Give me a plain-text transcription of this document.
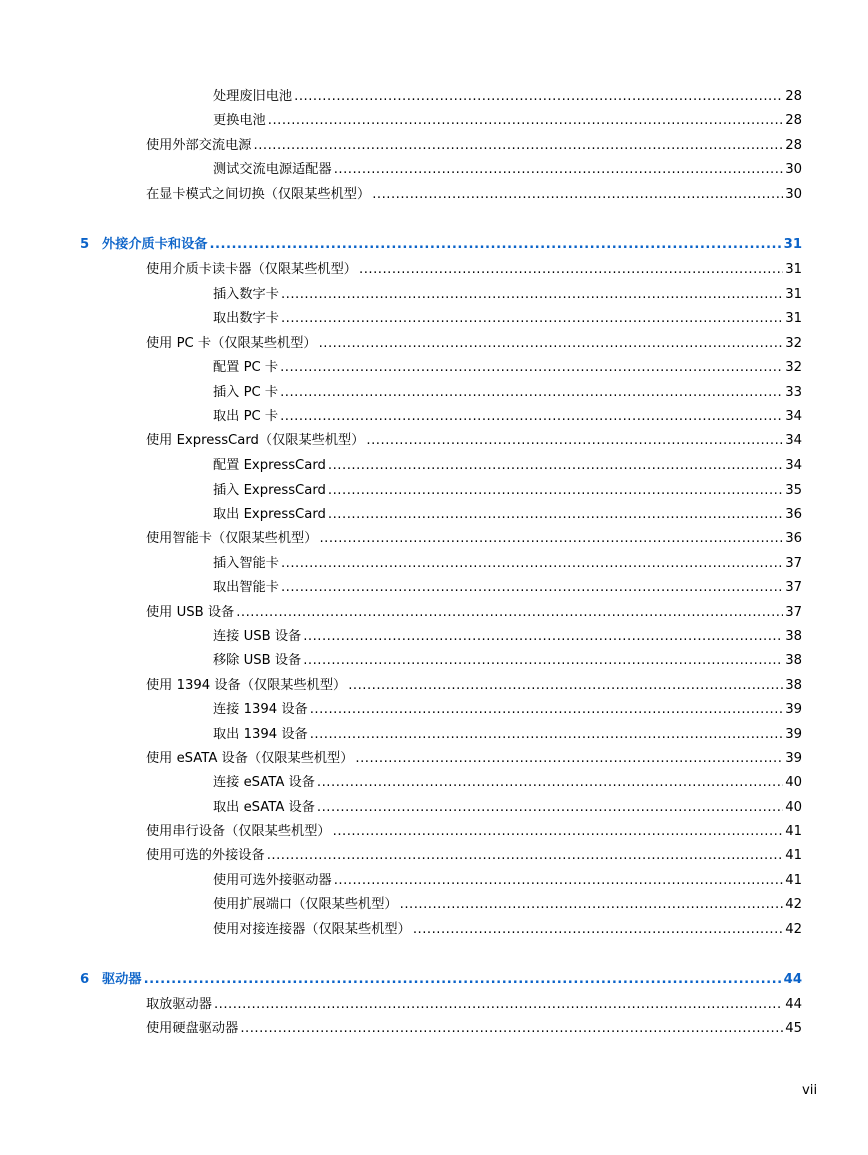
处理废旧电池 .....	28
更换电池 .....	28
使用外部交流电源 .....	28
测试交流电源适配器 .....	30
在显卡模式之间切换（仅限某些机型） .....	30
5 外接介质卡和设备 .....	31
使用介质卡读卡器（仅限某些机型） .....	31
插入数字卡 .....	31
取出数字卡 .....	31
使用 PC 卡（仅限某些机型） .....	32
配置 PC 卡 .....	32
插入 PC 卡 .....	33
取出 PC 卡 .....	34
使用 ExpressCard（仅限某些机型） .....	34
配置 ExpressCard .....	34
插入 ExpressCard .....	35
取出 ExpressCard .....	36
使用智能卡（仅限某些机型） .....	36
插入智能卡 .....	37
取出智能卡 .....	37
使用 USB 设备 .....	37
连接 USB 设备 .....	38
移除 USB 设备 .....	38
使用 1394 设备（仅限某些机型） .....	38
连接 1394 设备 .....	39
取出 1394 设备 .....	39
使用 eSATA 设备（仅限某些机型） .....	39
连接 eSATA 设备 .....	40
取出 eSATA 设备 .....	40
使用串行设备（仅限某些机型） .....	41
使用可选的外接设备 .....	41
使用可选外接驱动器 .....	41
使用扩展端口（仅限某些机型） .....	42
使用对接连接器（仅限某些机型） .....	42
6 驱动器 .....	44
取放驱动器 .....	44
使用硬盘驱动器 .....	45
vii
